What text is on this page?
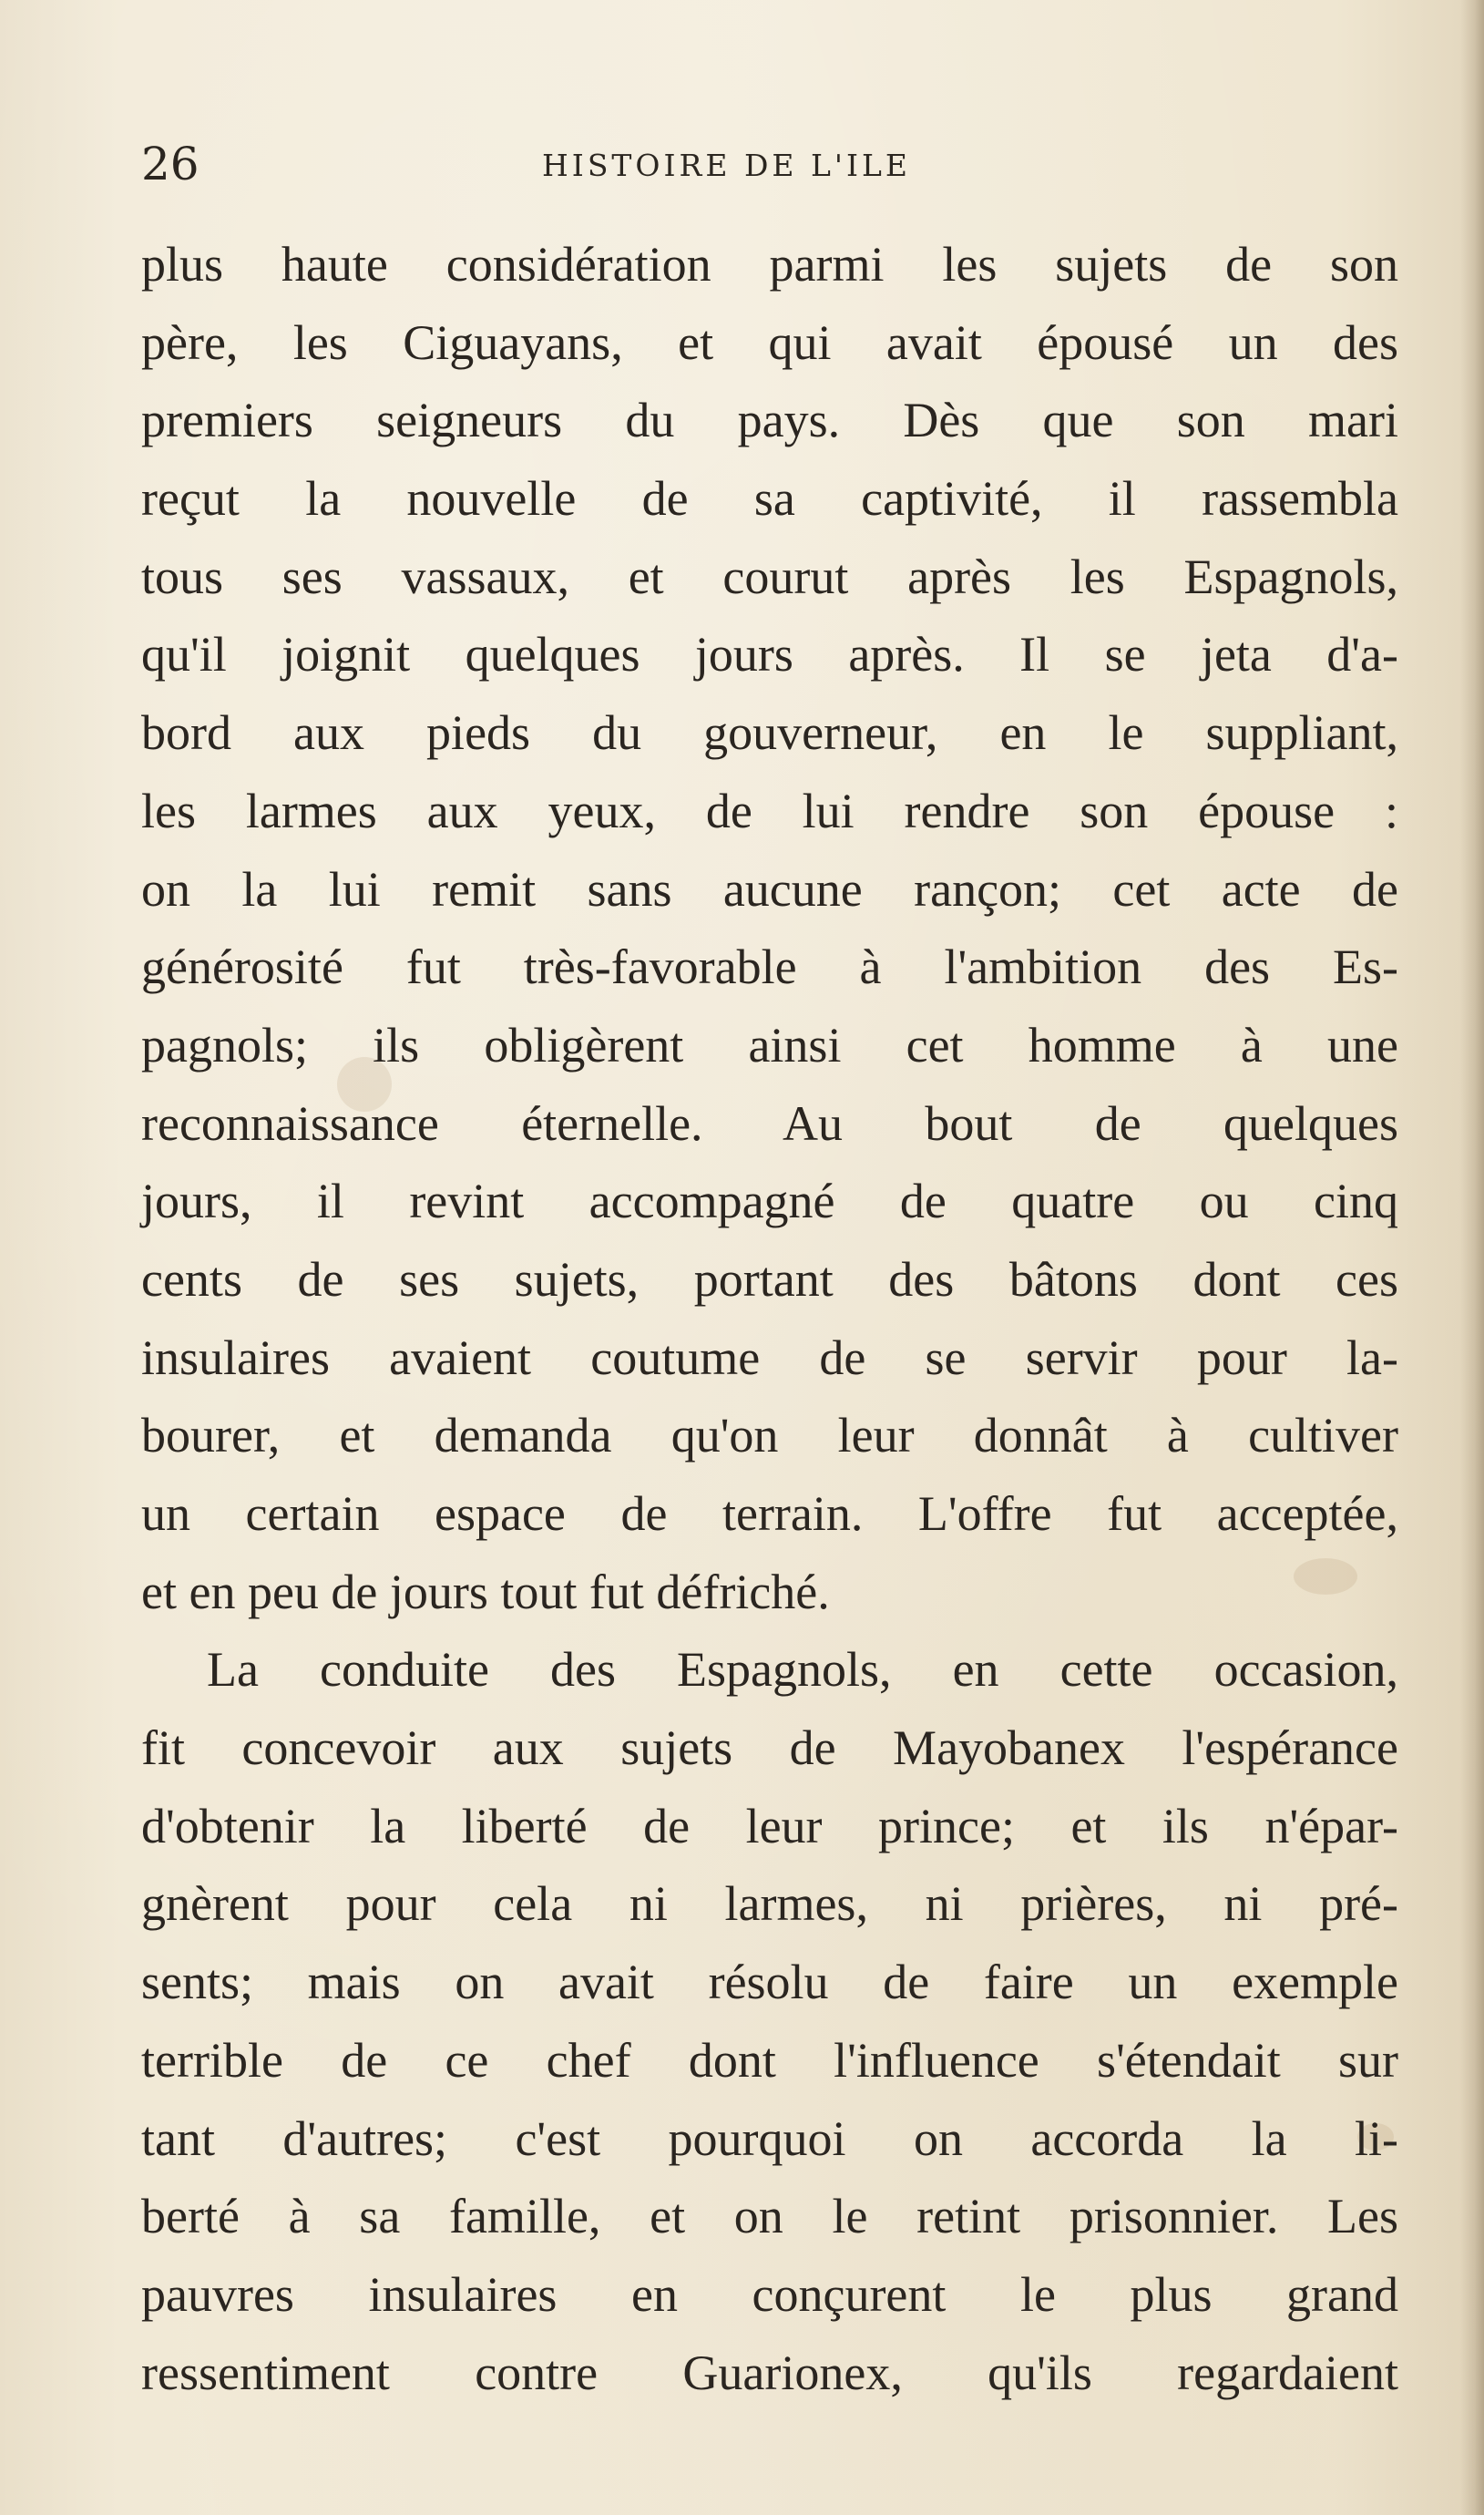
26	HISTOIRE DE L'ILE
plus haute considération parmi les sujets de son
père, les Ciguayans, et qui avait épousé un des
premiers seigneurs du pays. Dès que son mari
reçut la nouvelle de sa captivité, il rassembla
tous ses vassaux, et courut après les Espagnols,
qu'il joignit quelques jours après. Il se jeta d'a-
bord aux pieds du gouverneur, en le suppliant,
les larmes aux yeux, de lui rendre son épouse :
on la lui remit sans aucune rançon; cet acte de
générosité fut très-favorable à l'ambition des Es-
pagnols; ils obligèrent ainsi cet homme à une
reconnaissance éternelle. Au bout de quelques
jours, il revint accompagné de quatre ou cinq
cents de ses sujets, portant des bâtons dont ces
insulaires avaient coutume de se servir pour la-
bourer, et demanda qu'on leur donnât à cultiver
un certain espace de terrain. L'offre fut acceptée,
et en peu de jours tout fut défriché.
La conduite des Espagnols, en cette occasion,
fit concevoir aux sujets de Mayobanex l'espérance
d'obtenir la liberté de leur prince; et ils n'épar-
gnèrent pour cela ni larmes, ni prières, ni pré-
sents; mais on avait résolu de faire un exemple
terrible de ce chef dont l'influence s'étendait sur
tant d'autres; c'est pourquoi on accorda la li-
berté à sa famille, et on le retint prisonnier. Les
pauvres insulaires en conçurent le plus grand
ressentiment contre Guarionex, qu'ils regardaient
